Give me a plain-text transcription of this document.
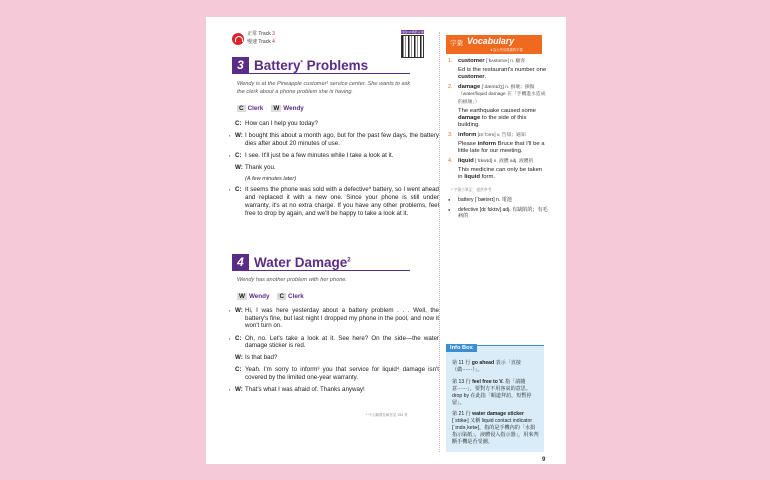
正常 Track 3
慢速 Track 4
掃描QR碼聽音檔
3 Battery* Problems
Wendy is at the Pineapple customer¹ service center. She wants to ask the clerk about a phone problem she is having.
C Clerk	W Wendy
C: How can I help you today?
▪ W: I bought this about a month ago, but for the past few days, the battery dies after about 20 minutes of use.
▪ C: I see. It'll just be a few minutes while I take a look at it.
W: Thank you.
(A few minutes later)
▪ C: It seems the phone was sold with a defective* battery, so I went ahead and replaced it with a new one. Since your phone is still under warranty, it's at no extra charge. If you have any other problems, feel free to drop by again, and we'll be happy to take a look at it.
4 Water Damage$^2$
Wendy has another problem with her phone.
W Wendy	C Clerk
▪ W: Hi, I was here yesterday about a battery problem . . . Well, the battery's fine, but last night I dropped my phone in the pool, and now it won't turn on.
▪ C: Oh, no. Let's take a look at it. See here? On the side—the water damage sticker is red.
W: Is that bad?
C: Yeah. I'm sorry to inform³ you that service for liquid⁴ damage isn't covered by the limited one-year warranty.
▪ W: That's what I was afraid of. Thanks anyway!
* 中文翻譯及解答見 153 頁
字彙 Vocabulary
★為大考出現過的字彙
1. customer [ˋkʌstəmɚ] n. 顧客
Ed is the restaurant's number one customer.
2. damage [ˋdæmɪdʒ] n. 損壞；損傷（water/liquid damage 在「手機進水造成的損壞」）
The earthquake caused some damage to the side of this building.
3. inform [ɪnˋfɔrm] v. 告知；通知
Please inform Bruce that I'll be a little late for our meeting.
4. liquid [ˋlɪkwɪd] n. 液體 adj. 液體的
This medicine can only be taken in liquid form.
* 字彙小筆記：提供參考
● battery [ˋbætərɪ] n. 電池
● defective [dɪˋfɛktɪv] adj. 有缺陷的；有毛病的
Info Box
第 11 行 go ahead 表示「直接（做⋯⋯）」。
第 13 行 feel free to V. 指「請隨意⋯⋯」，要對方不用客氣的意思。drop by 在此指「順道拜訪，短暫停留」。
第 21 行 water damage sticker [ˋstɪkɚ] 又稱 liquid contact indicator [ˋɪndəˏketɚ]，指的是手機內的「水損指示貼紙」，液體侵入指示器」，用來判斷手機是否受潮。
9
